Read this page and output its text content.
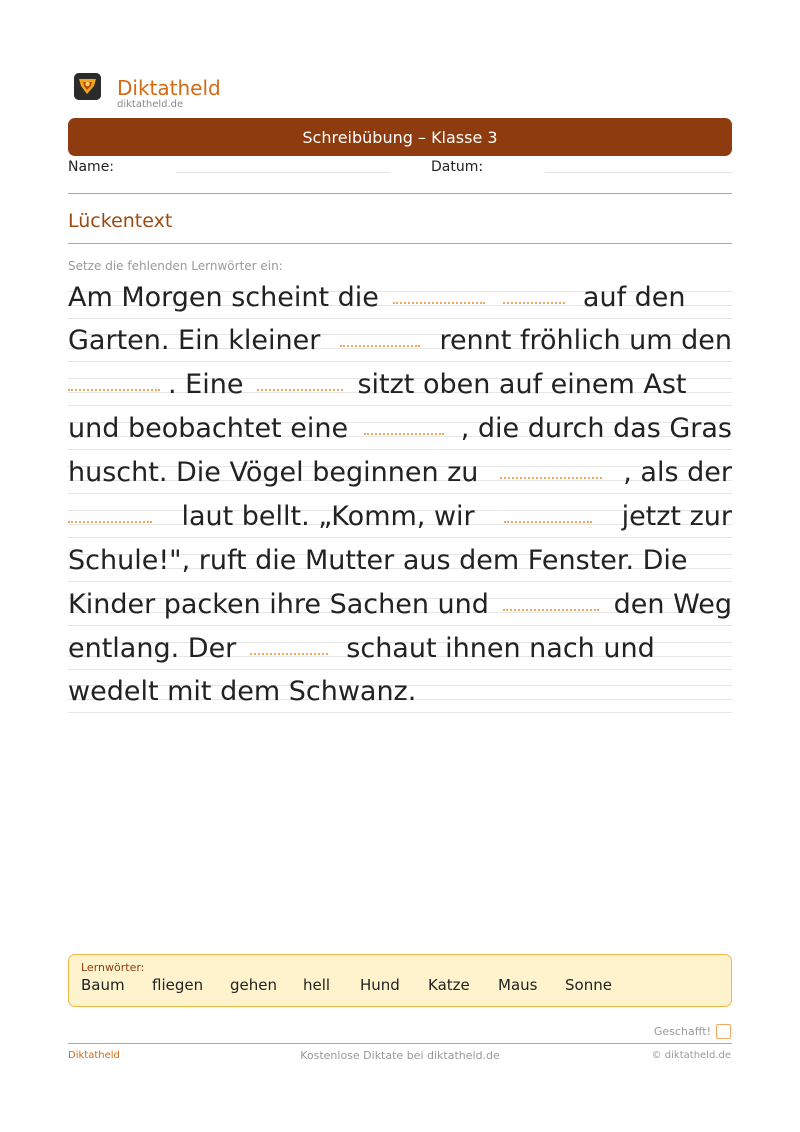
Diktatheld
diktatheld.de
Schreibübung – Klasse 3
Name:	Datum:
Lückentext
Setze die fehlenden Lernwörter ein:
Am Morgen scheint die	auf den
Garten. Ein kleiner	rennt fröhlich um den
. Eine	sitzt oben auf einem Ast
und beobachtet eine	, die durch das Gras
huscht. Die Vögel beginnen zu	, als der
laut bellt. „Komm, wir	jetzt zur
Schule!", ruft die Mutter aus dem Fenster. Die
Kinder packen ihre Sachen und	den Weg
entlang. Der	schaut ihnen nach und
wedelt mit dem Schwanz.
Lernwörter:
Baum	fliegen	gehen	hell	Hund	Katze	Maus	Sonne
Geschafft!
Diktatheld	Kostenlose Diktate bei diktatheld.de	© diktatheld.de
